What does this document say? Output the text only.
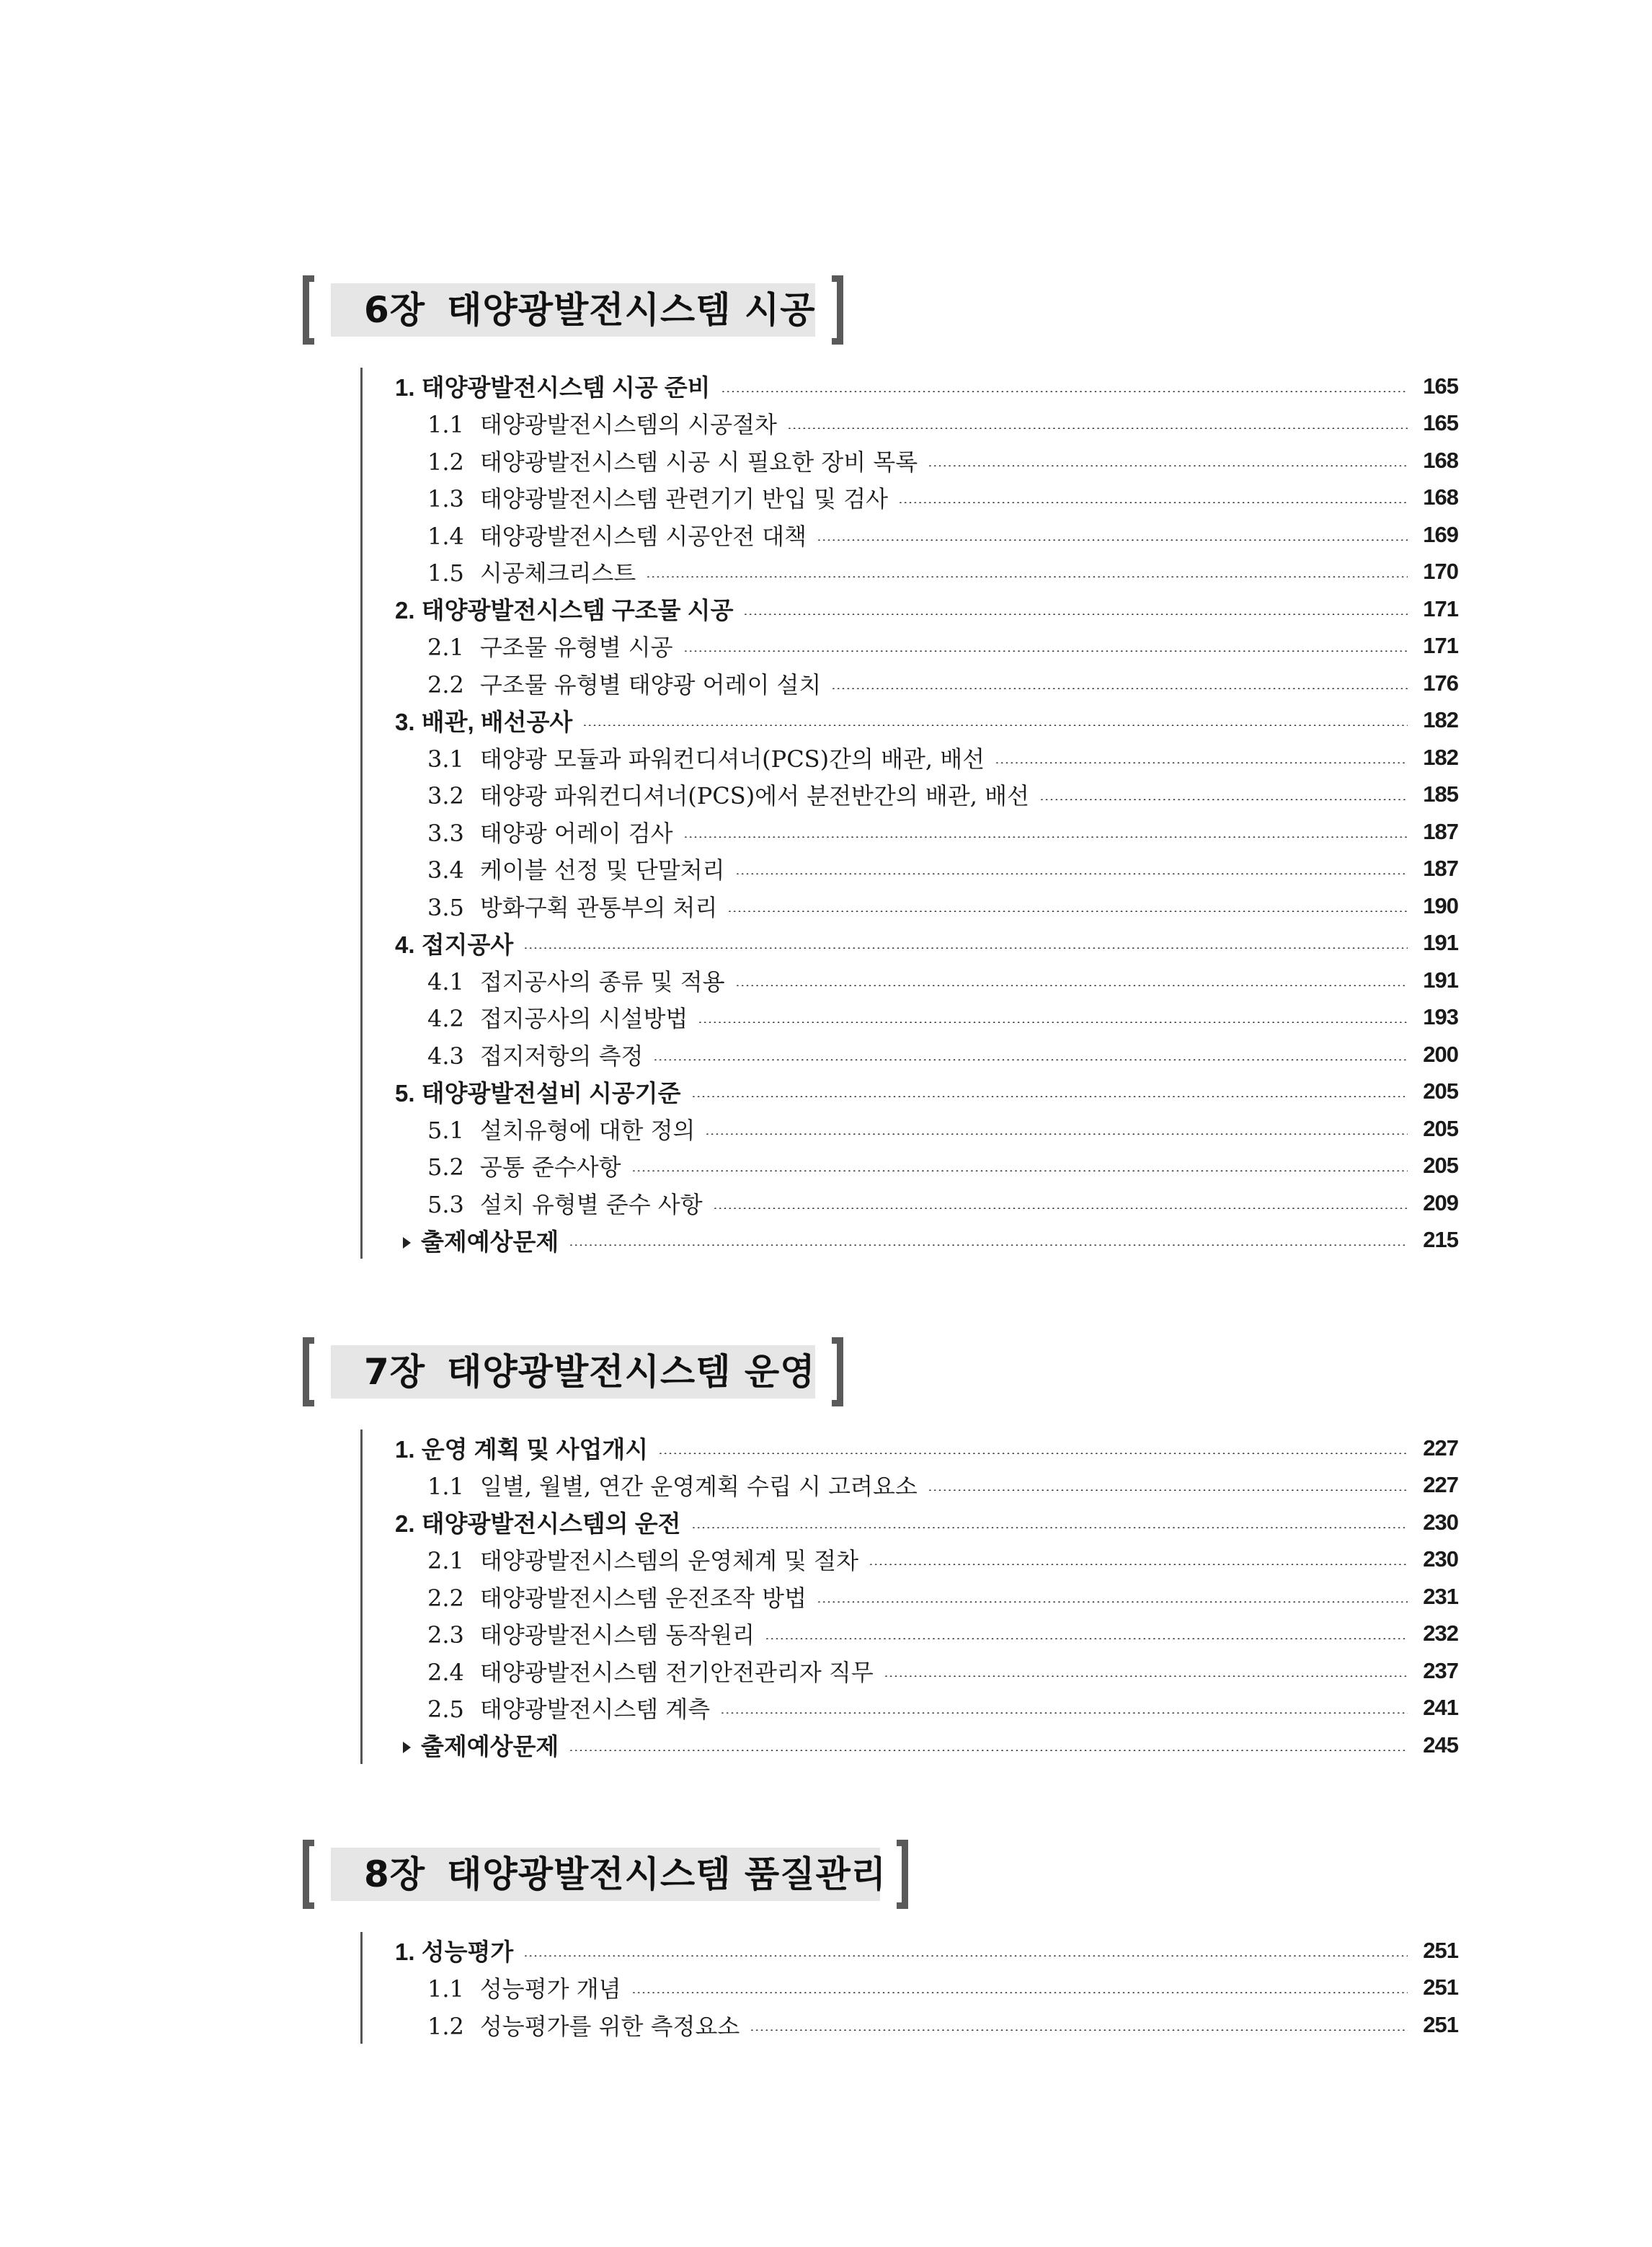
6장 태양광발전시스템 시공
1. 태양광발전시스템 시공 준비	165
1.1 태양광발전시스템의 시공절차	165
1.2 태양광발전시스템 시공 시 필요한 장비 목록	168
1.3 태양광발전시스템 관련기기 반입 및 검사	168
1.4 태양광발전시스템 시공안전 대책	169
1.5 시공체크리스트	170
2. 태양광발전시스템 구조물 시공	171
2.1 구조물 유형별 시공	171
2.2 구조물 유형별 태양광 어레이 설치	176
3. 배관, 배선공사	182
3.1 태양광 모듈과 파워컨디셔너(PCS)간의 배관, 배선	182
3.2 태양광 파워컨디셔너(PCS)에서 분전반간의 배관, 배선	185
3.3 태양광 어레이 검사	187
3.4 케이블 선정 및 단말처리	187
3.5 방화구획 관통부의 처리	190
4. 접지공사	191
4.1 접지공사의 종류 및 적용	191
4.2 접지공사의 시설방법	193
4.3 접지저항의 측정	200
5. 태양광발전설비 시공기준	205
5.1 설치유형에 대한 정의	205
5.2 공통 준수사항	205
5.3 설치 유형별 준수 사항	209
출제예상문제	215
7장 태양광발전시스템 운영
1. 운영 계획 및 사업개시	227
1.1 일별, 월별, 연간 운영계획 수립 시 고려요소	227
2. 태양광발전시스템의 운전	230
2.1 태양광발전시스템의 운영체계 및 절차	230
2.2 태양광발전시스템 운전조작 방법	231
2.3 태양광발전시스템 동작원리	232
2.4 태양광발전시스템 전기안전관리자 직무	237
2.5 태양광발전시스템 계측	241
출제예상문제	245
8장 태양광발전시스템 품질관리
1. 성능평가	251
1.1 성능평가 개념	251
1.2 성능평가를 위한 측정요소	251
